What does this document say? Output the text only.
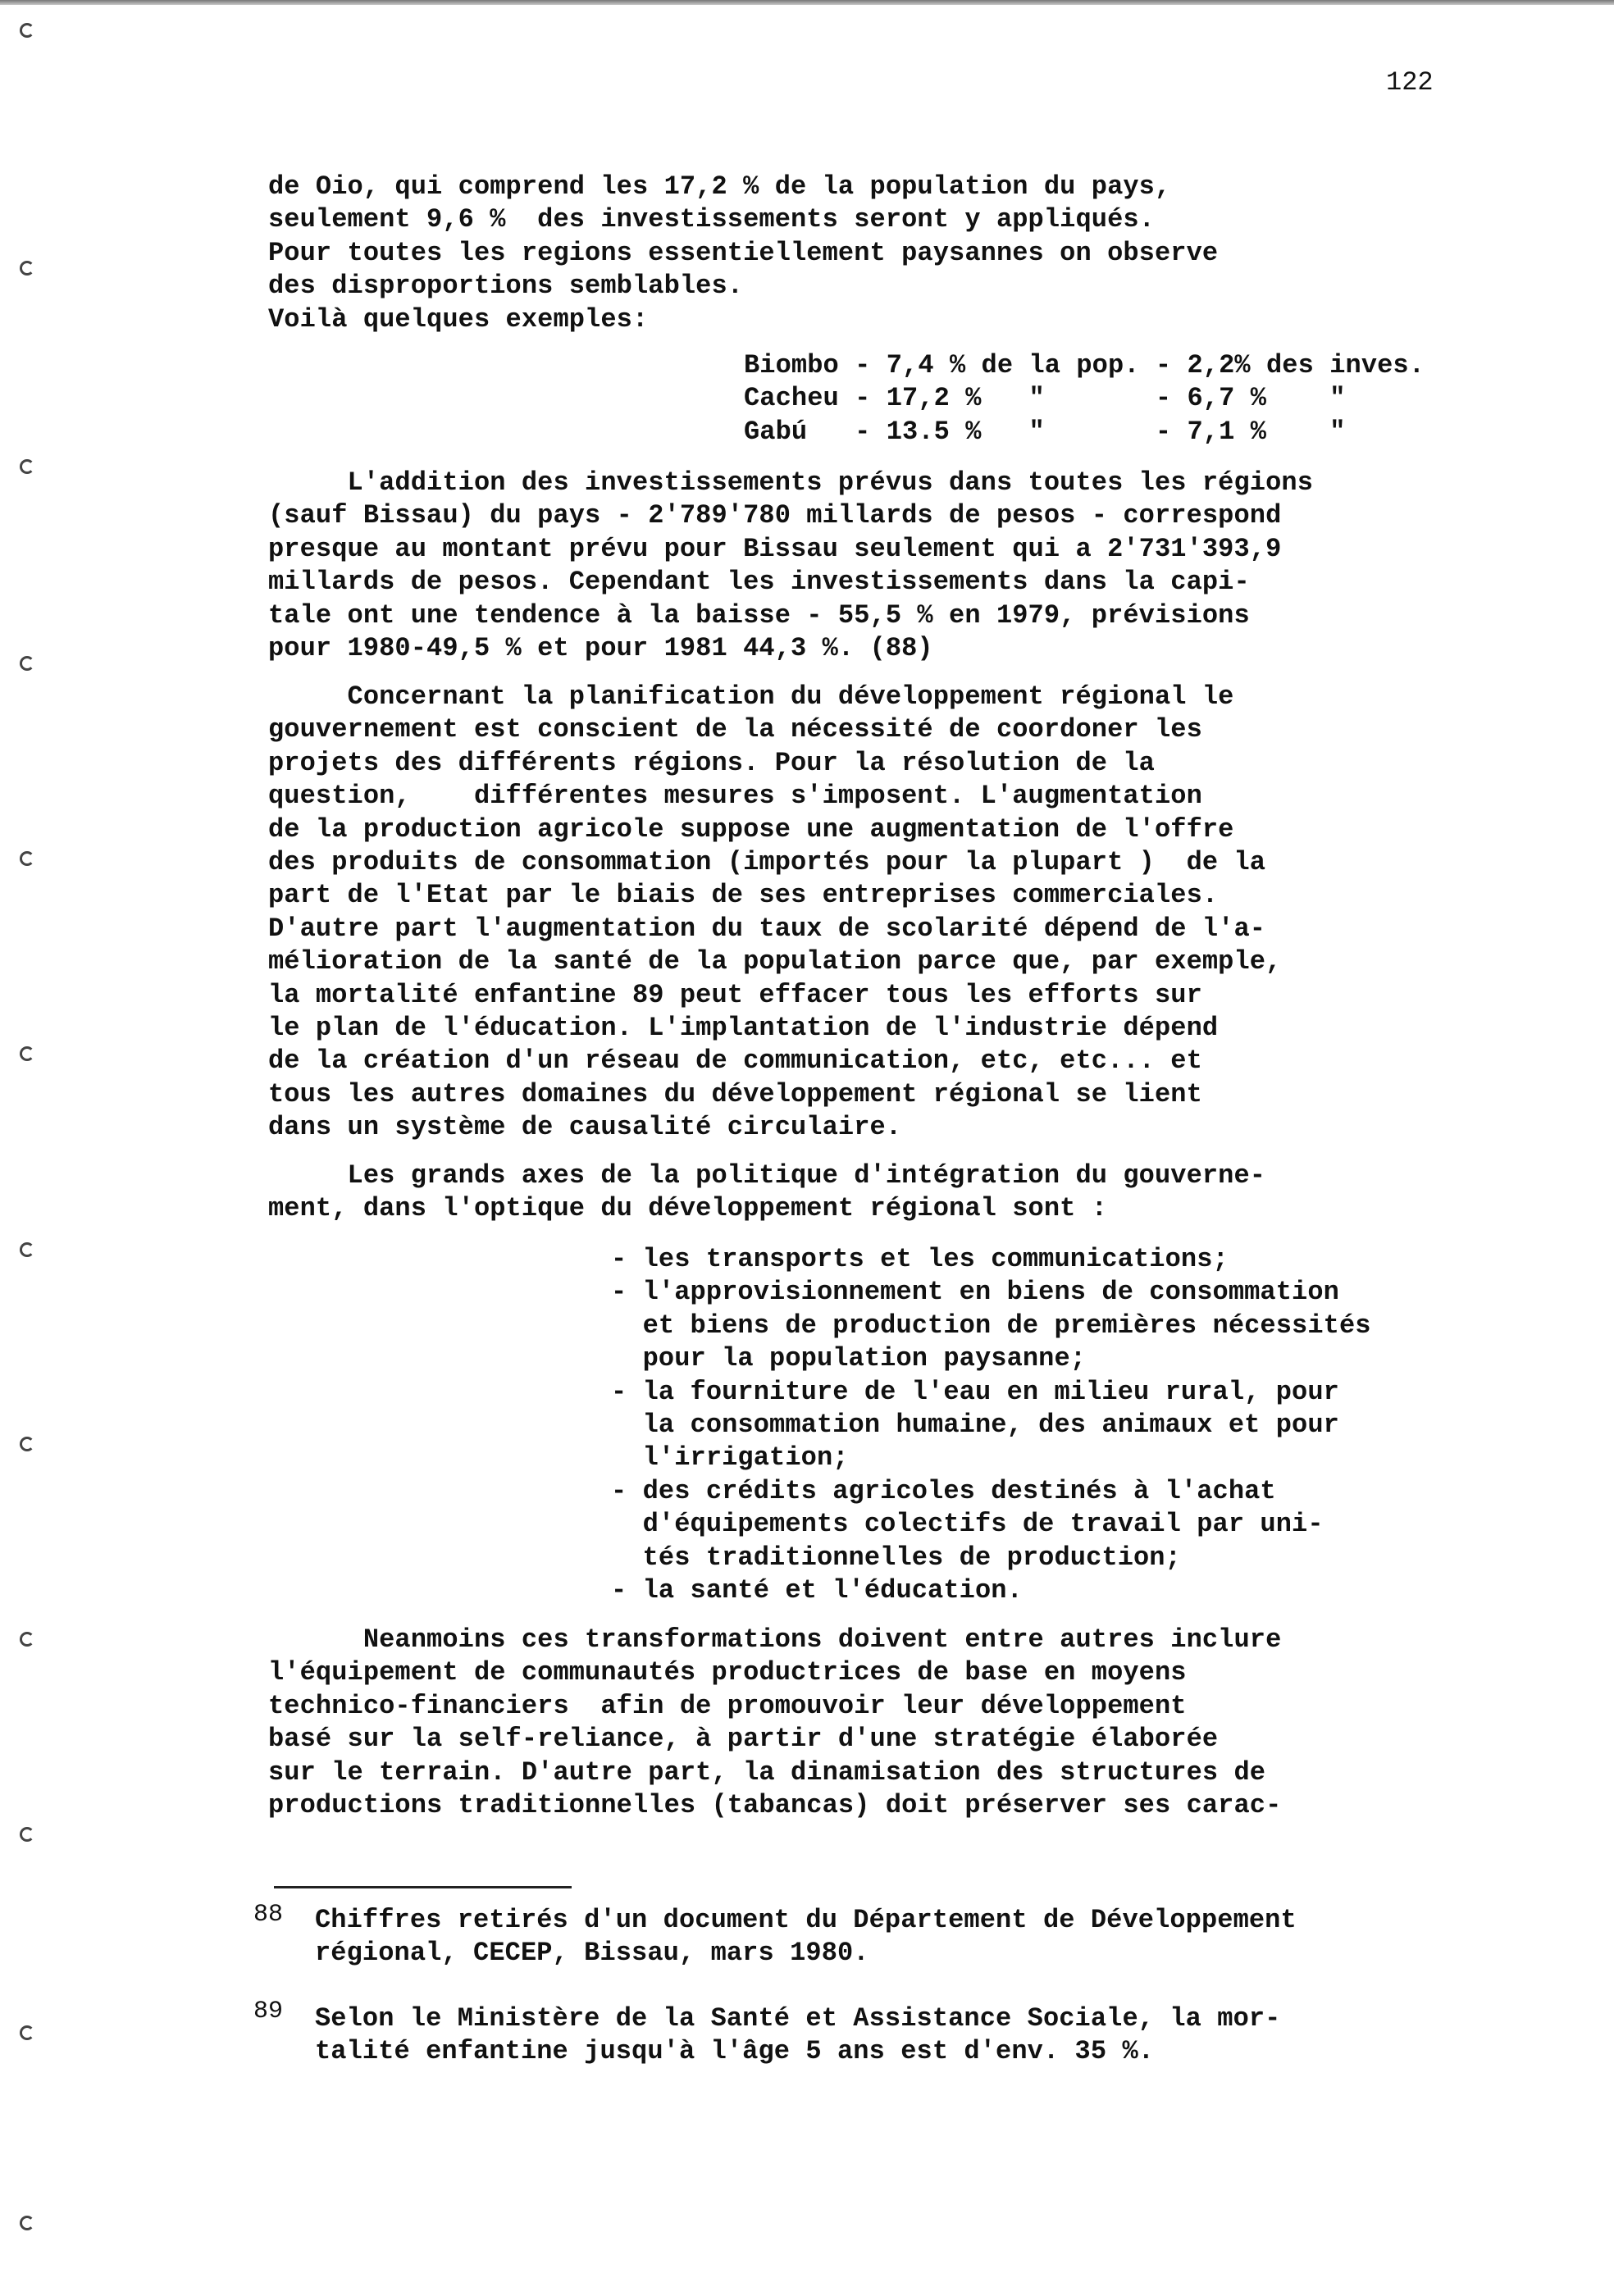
122
de Oio, qui comprend les 17,2 % de la population du pays,
seulement 9,6 %  des investissements seront y appliqués.
Pour toutes les regions essentiellement paysannes on observe
des disproportions semblables.
Voilà quelques exemples:
Biombo - 7,4 % de la pop. - 2,2% des inves.
Cacheu - 17,2 %   "       - 6,7 %    "
Gabú   - 13.5 %   "       - 7,1 %    "
L'addition des investissements prévus dans toutes les régions
(sauf Bissau) du pays - 2'789'780 millards de pesos - correspond
presque au montant prévu pour Bissau seulement qui a 2'731'393,9
millards de pesos. Cependant les investissements dans la capi-
tale ont une tendence à la baisse - 55,5 % en 1979, prévisions
pour 1980-49,5 % et pour 1981 44,3 %. (88)
Concernant la planification du développement régional le
gouvernement est conscient de la nécessité de coordoner les
projets des différents régions. Pour la résolution de la
question,    différentes mesures s'imposent. L'augmentation
de la production agricole suppose une augmentation de l'offre
des produits de consommation (importés pour la plupart )  de la
part de l'Etat par le biais de ses entreprises commerciales.
D'autre part l'augmentation du taux de scolarité dépend de l'a-
mélioration de la santé de la population parce que, par exemple,
la mortalité enfantine 89 peut effacer tous les efforts sur
le plan de l'éducation. L'implantation de l'industrie dépend
de la création d'un réseau de communication, etc, etc... et
tous les autres domaines du développement régional se lient
dans un système de causalité circulaire.
Les grands axes de la politique d'intégration du gouverne-
ment, dans l'optique du développement régional sont :
- les transports et les communications;
- l'approvisionnement en biens de consommation
et biens de production de premières nécessités
pour la population paysanne;
- la fourniture de l'eau en milieu rural, pour
la consommation humaine, des animaux et pour
l'irrigation;
- des crédits agricoles destinés à l'achat
d'équipements colectifs de travail par uni-
tés traditionnelles de production;
- la santé et l'éducation.
Neanmoins ces transformations doivent entre autres inclure
l'équipement de communautés productrices de base en moyens
technico-financiers  afin de promouvoir leur développement
basé sur la self-reliance, à partir d'une stratégie élaborée
sur le terrain. D'autre part, la dinamisation des structures de
productions traditionnelles (tabancas) doit préserver ses carac-
88 Chiffres retirés d'un document du Département de Développement
régional, CECEP, Bissau, mars 1980.
89 Selon le Ministère de la Santé et Assistance Sociale, la mor-
talité enfantine jusqu'à l'âge 5 ans est d'env. 35 %.
